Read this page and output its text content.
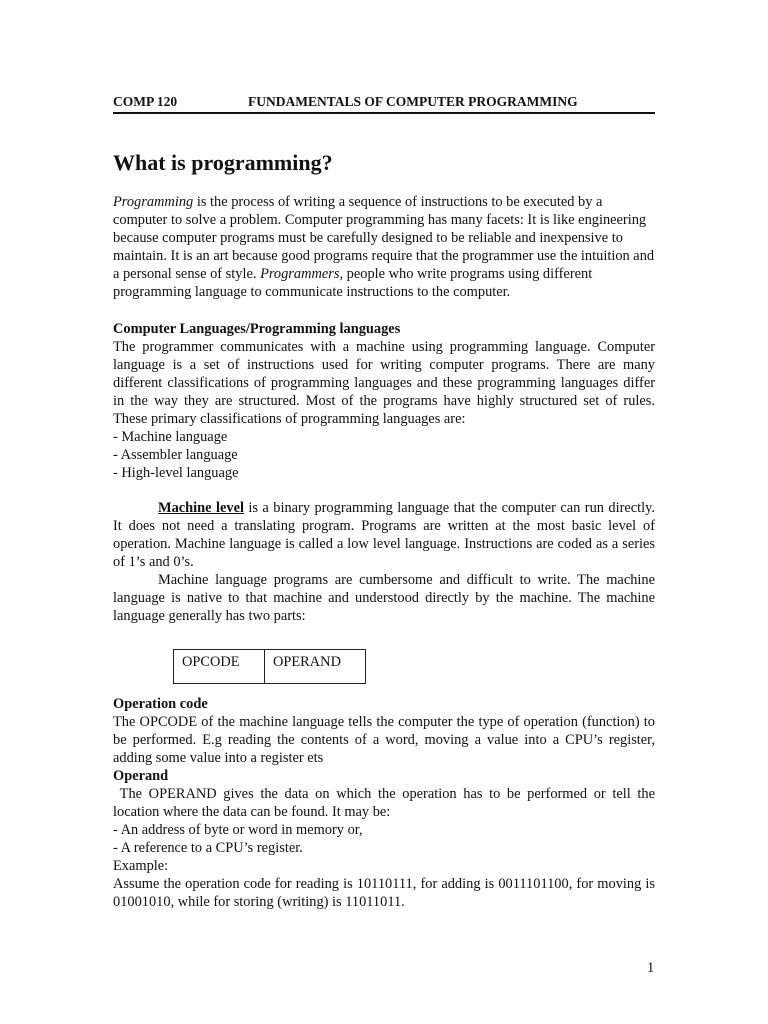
COMP 120	FUNDAMENTALS OF COMPUTER PROGRAMMING
What is programming?

Programming is the process of writing a sequence of instructions to be executed by a computer to solve a problem. Computer programming has many facets: It is like engineering because computer programs must be carefully designed to be reliable and inexpensive to maintain. It is an art because good programs require that the programmer use the intuition and a personal sense of style. Programmers, people who write programs using different programming language to communicate instructions to the computer.

Computer Languages/Programming languages

The programmer communicates with a machine using programming language. Computer language is a set of instructions used for writing computer programs. There are many different classifications of programming languages and these programming languages differ in the way they are structured. Most of the programs have highly structured set of rules. These primary classifications of programming languages are:

- Machine language
- Assembler language
- High-level language

Machine level is a binary programming language that the computer can run directly. It does not need a translating program. Programs are written at the most basic level of operation. Machine language is called a low level language. Instructions are coded as a series of 1’s and 0’s.

Machine language programs are cumbersome and difficult to write. The machine language is native to that machine and understood directly by the machine. The machine language generally has two parts:

OPCODE	OPERAND

Operation code

The OPCODE of the machine language tells the computer the type of operation (function) to be performed. E.g reading the contents of a word, moving a value into a CPU’s register, adding some value into a register ets

Operand

The OPERAND gives the data on which the operation has to be performed or tell the location where the data can be found. It may be:

- An address of byte or word in memory or,
- A reference to a CPU’s register.

Example:

Assume the operation code for reading is 10110111, for adding is 0011101100, for moving is 01001010, while for storing (writing) is 11011011.

1
